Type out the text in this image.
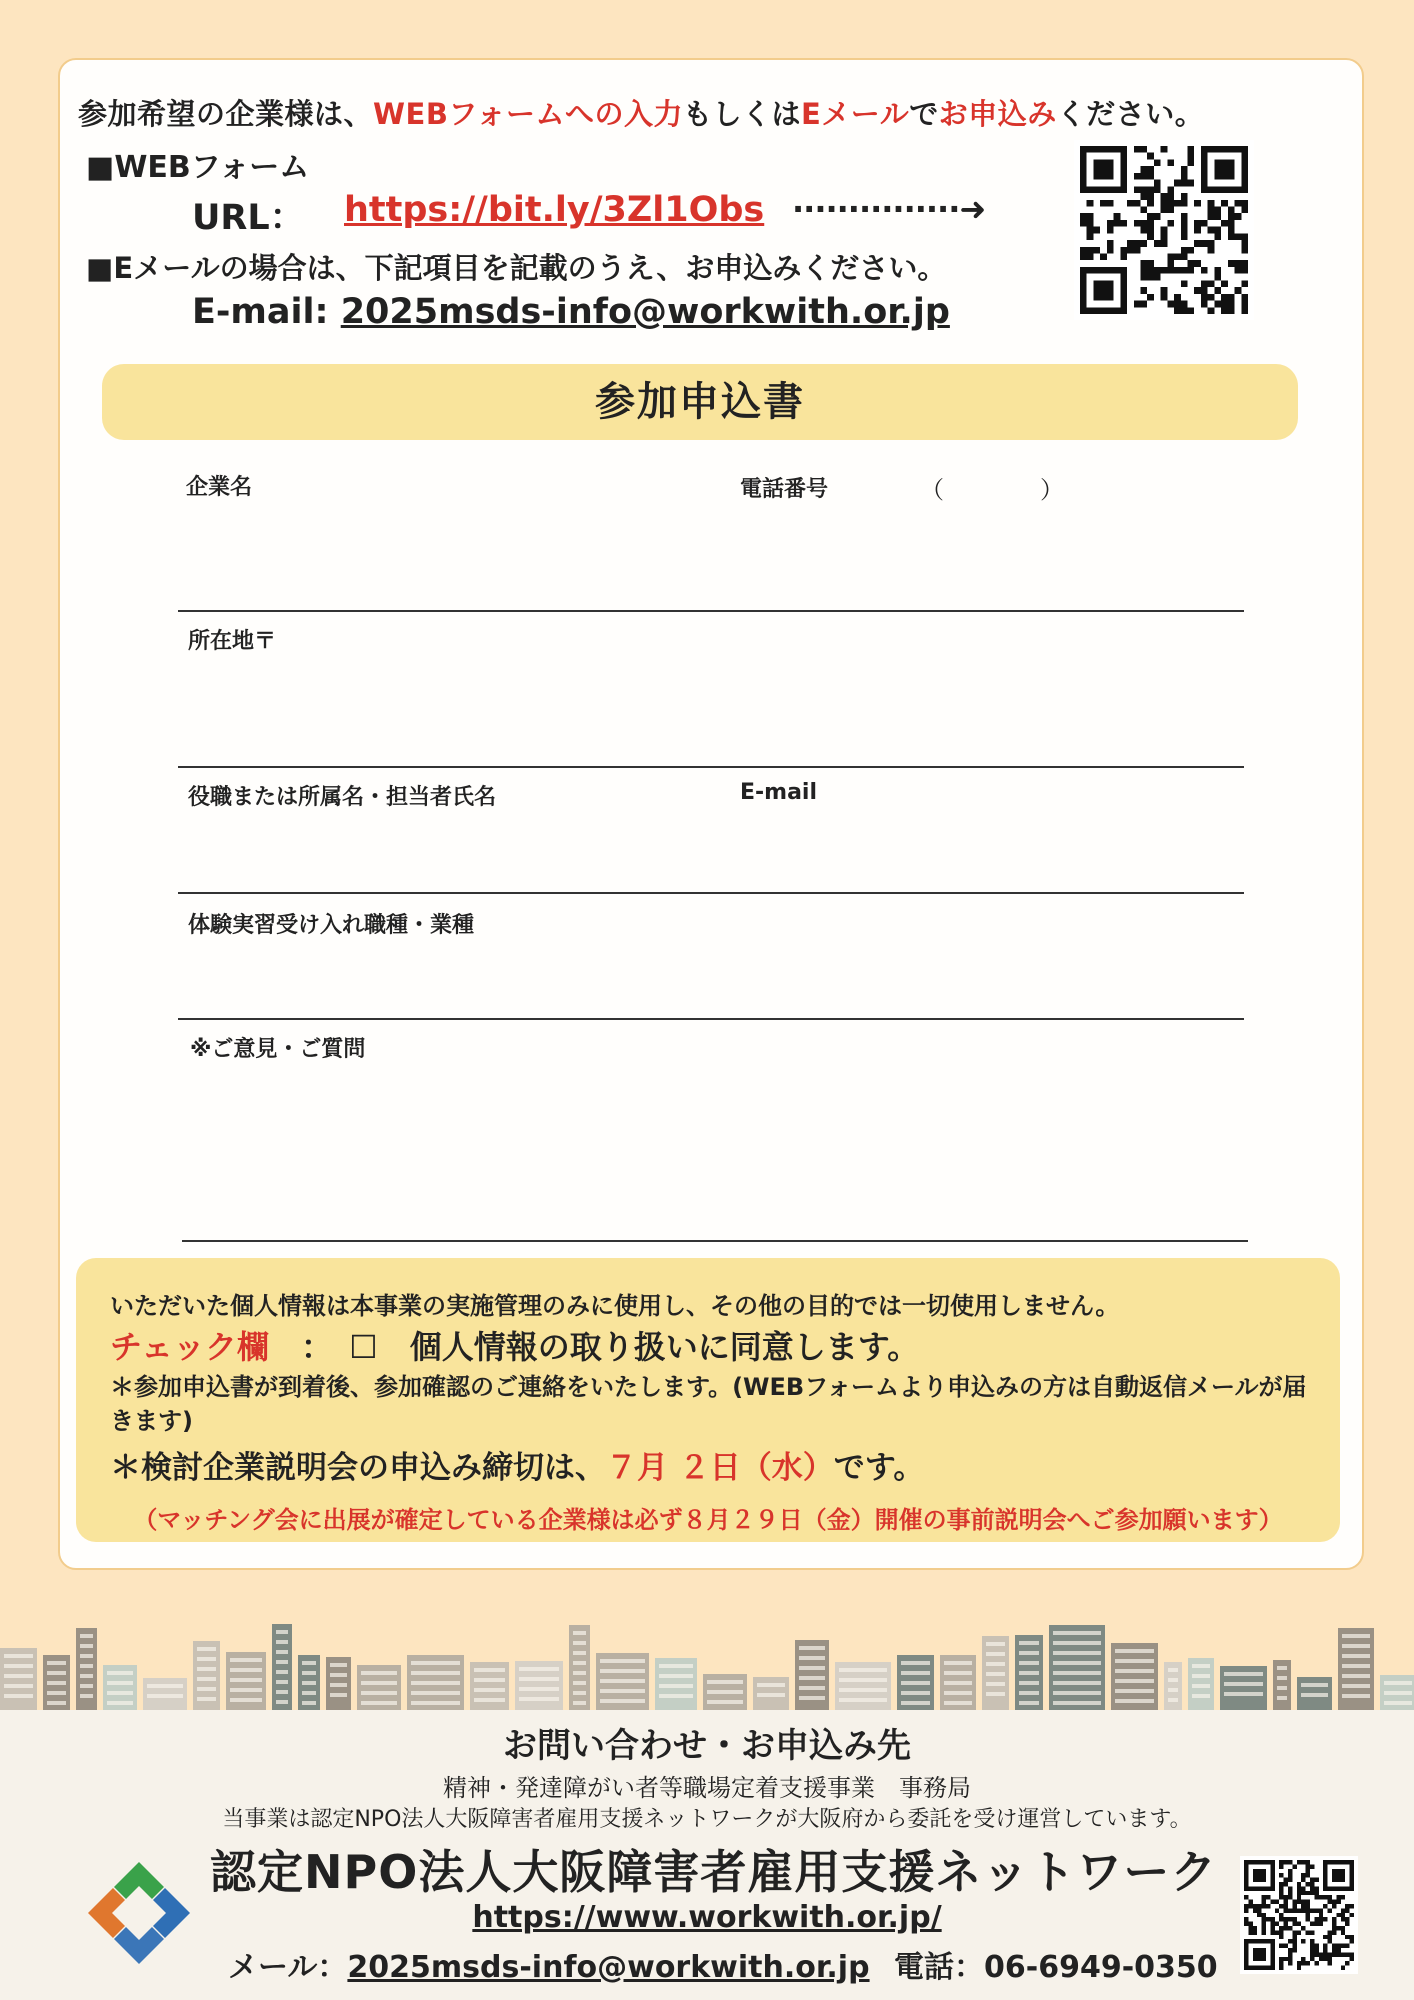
参加希望の企業様は、WEBフォームへの入力もしくはEメールでお申込みください。
■WEBフォーム
URL： https://bit.ly/3Zl1Obs ···············➜
■Eメールの場合は、下記項目を記載のうえ、お申込みください。
E-mail: 2025msds-info@workwith.or.jp
参加申込書
企業名	電話番号	（　　　　）
所在地〒
役職または所属名・担当者氏名	E-mail
体験実習受け入れ職種・業種
※ご意見・ご質問
いただいた個人情報は本事業の実施管理のみに使用し、その他の目的では一切使用しません。
チェック欄　：　☐　個人情報の取り扱いに同意します。
＊参加申込書が到着後、参加確認のご連絡をいたします。(WEBフォームより申込みの方は自動返信メールが届きます)
＊検討企業説明会の申込み締切は、７月 ２日（水）です。
（マッチング会に出展が確定している企業様は必ず８月２９日（金）開催の事前説明会へご参加願います）
お問い合わせ・お申込み先
精神・発達障がい者等職場定着支援事業　事務局
当事業は認定NPO法人大阪障害者雇用支援ネットワークが大阪府から委託を受け運営しています。
認定NPO法人大阪障害者雇用支援ネットワーク
https://www.workwith.or.jp/
メール：2025msds-info@workwith.or.jp 電話：06-6949-0350
